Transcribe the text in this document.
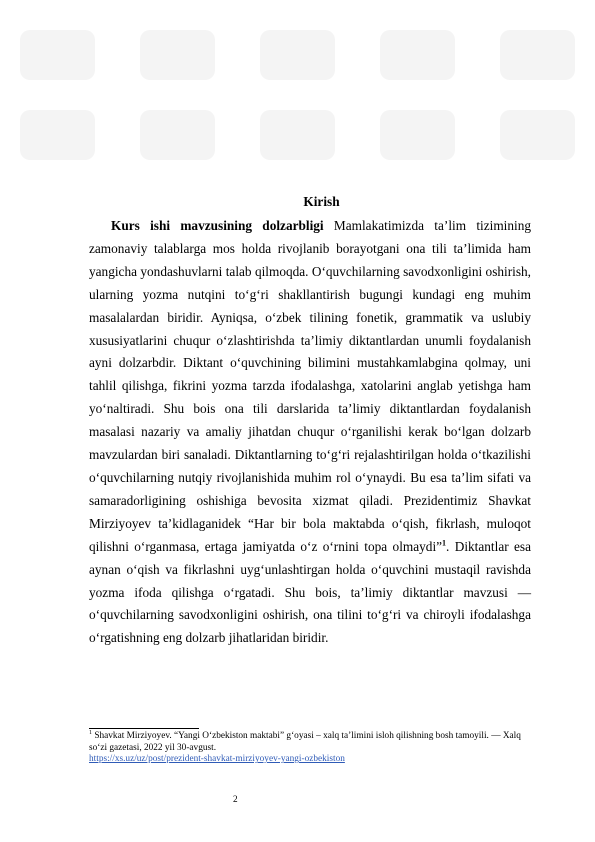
Kirish

Kurs ishi mavzusining dolzarbligi Mamlakatimizda ta’lim tizimining zamonaviy talablarga mos holda rivojlanib borayotgani ona tili ta’limida ham yangicha yondashuvlarni talab qilmoqda. O‘quvchilarning savodxonligini oshirish, ularning yozma nutqini to‘g‘ri shakllantirish bugungi kundagi eng muhim masalalardan biridir. Ayniqsa, o‘zbek tilining fonetik, grammatik va uslubiy xususiyatlarini chuqur o‘zlashtirishda ta’limiy diktantlardan unumli foydalanish ayni dolzarbdir. Diktant o‘quvchining bilimini mustahkamlabgina qolmay, uni tahlil qilishga, fikrini yozma tarzda ifodalashga, xatolarini anglab yetishga ham yo‘naltiradi. Shu bois ona tili darslarida ta’limiy diktantlardan foydalanish masalasi nazariy va amaliy jihatdan chuqur o‘rganilishi kerak bo‘lgan dolzarb mavzulardan biri sanaladi. Diktantlarning to‘g‘ri rejalashtirilgan holda o‘tkazilishi o‘quvchilarning nutqiy rivojlanishida muhim rol o‘ynaydi. Bu esa ta’lim sifati va samaradorligining oshishiga bevosita xizmat qiladi. Prezidentimiz Shavkat Mirziyoyev ta’kidlaganidek “Har bir bola maktabda o‘qish, fikrlash, muloqot qilishni o‘rganmasa, ertaga jamiyatda o‘z o‘rnini topa olmaydi”$^1$. Diktantlar esa aynan o‘qish va fikrlashni uyg‘unlashtirgan holda o‘quvchini mustaqil ravishda yozma ifoda qilishga o‘rgatadi. Shu bois, ta’limiy diktantlar mavzusi — o‘quvchilarning savodxonligini oshirish, ona tilini to‘g‘ri va chiroyli ifodalashga o‘rgatishning eng dolzarb jihatlaridan biridir.

$^1$ Shavkat Mirziyoyev. “Yangi O‘zbekiston maktabi” g‘oyasi – xalq ta’limini isloh qilishning bosh tamoyili. — Xalq so‘zi gazetasi, 2022 yil 30-avgust.
https://xs.uz/uz/post/prezident-shavkat-mirziyoyev-yangi-ozbekiston

2
